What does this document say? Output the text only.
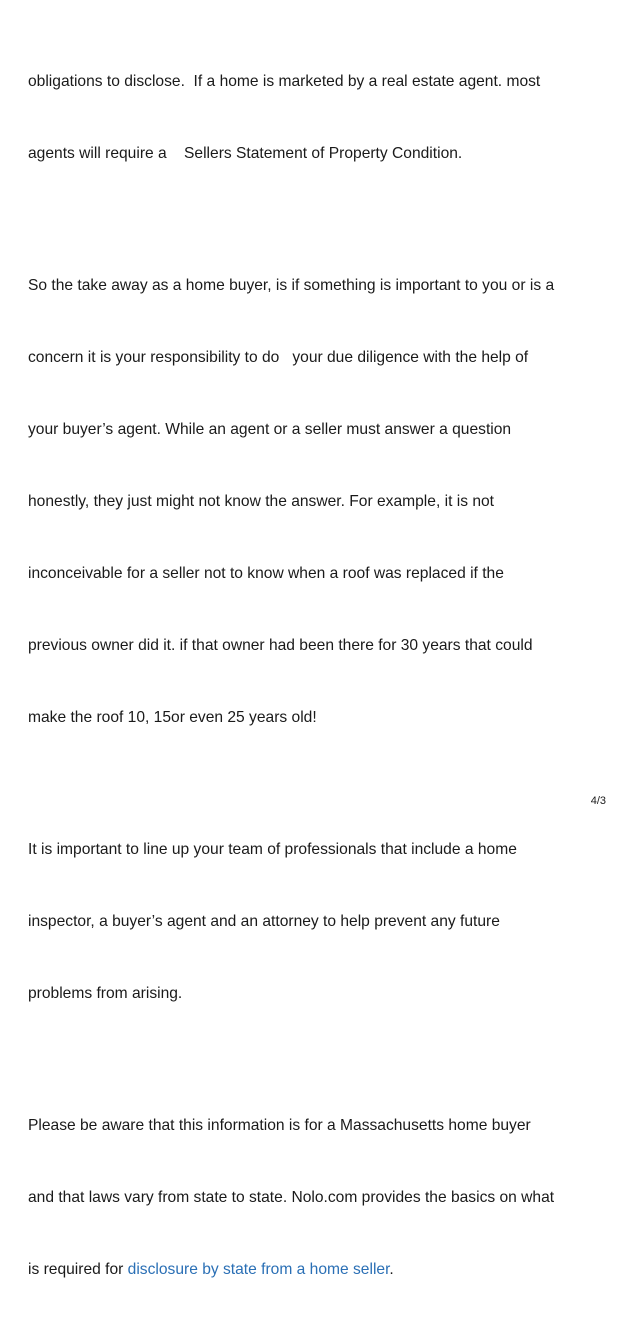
obligations to disclose.  If a home is marketed by a real estate agent. most

agents will require a    Sellers Statement of Property Condition.

So the take away as a home buyer, is if something is important to you or is a

concern it is your responsibility to do   your due diligence with the help of

your buyer’s agent. While an agent or a seller must answer a question

honestly, they just might not know the answer. For example, it is not

inconceivable for a seller not to know when a roof was replaced if the

previous owner did it. if that owner had been there for 30 years that could

make the roof 10, 15or even 25 years old!

It is important to line up your team of professionals that include a home

inspector, a buyer’s agent and an attorney to help prevent any future

problems from arising.

Please be aware that this information is for a Massachusetts home buyer

and that laws vary from state to state. Nolo.com provides the basics on what

is required for disclosure by state from a home seller.

4/3
